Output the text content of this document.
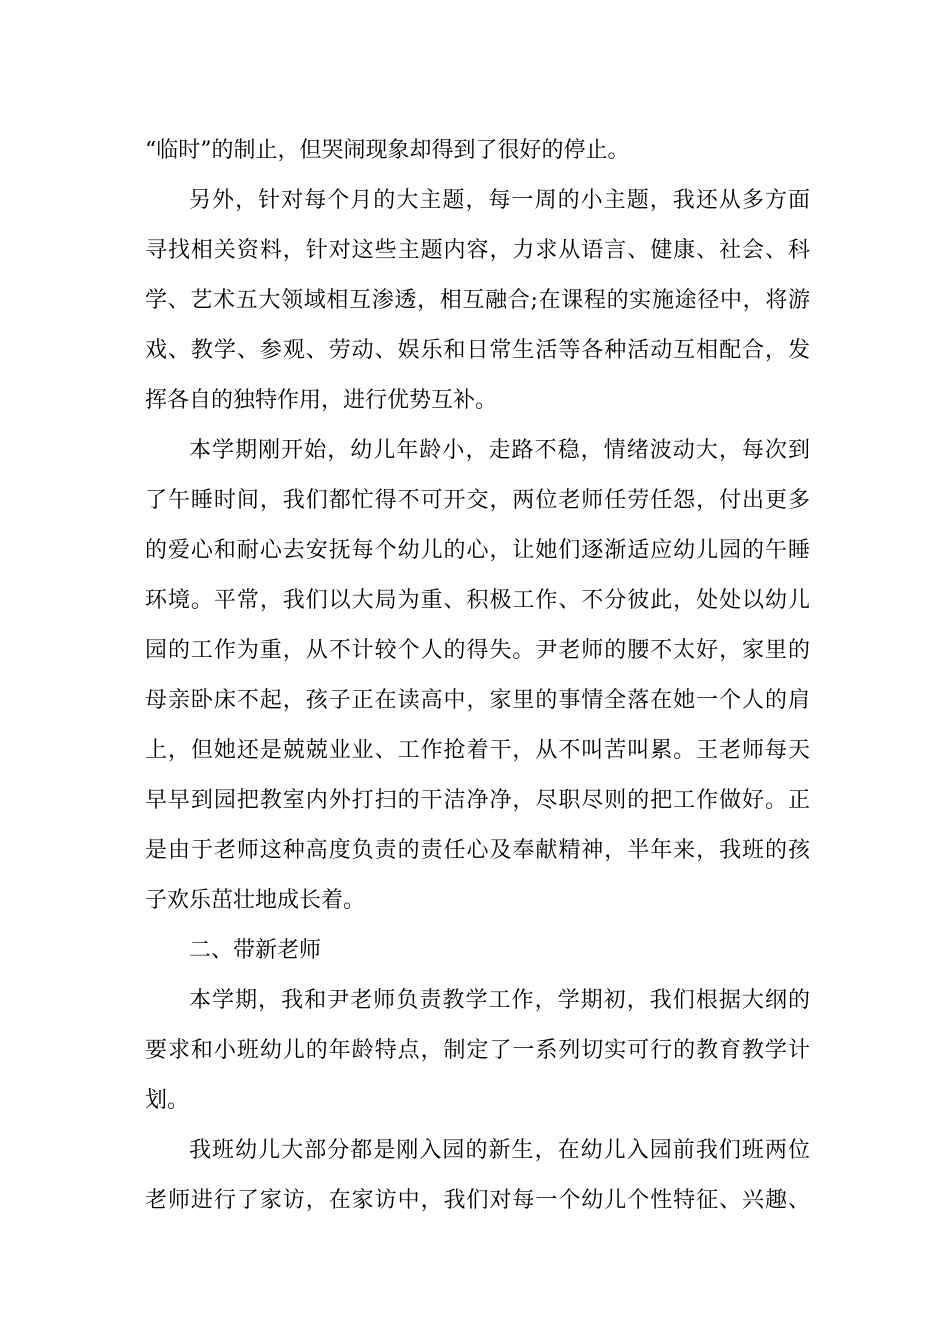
“临时”的制止，但哭闹现象却得到了很好的停止。
另外，针对每个月的大主题，每一周的小主题，我还从多方面
寻找相关资料，针对这些主题内容，力求从语言、健康、社会、科
学、艺术五大领域相互渗透，相互融合;在课程的实施途径中，将游
戏、教学、参观、劳动、娱乐和日常生活等各种活动互相配合，发
挥各自的独特作用，进行优势互补。
本学期刚开始，幼儿年龄小，走路不稳，情绪波动大，每次到
了午睡时间，我们都忙得不可开交，两位老师任劳任怨，付出更多
的爱心和耐心去安抚每个幼儿的心，让她们逐渐适应幼儿园的午睡
环境。平常，我们以大局为重、积极工作、不分彼此，处处以幼儿
园的工作为重，从不计较个人的得失。尹老师的腰不太好，家里的
母亲卧床不起，孩子正在读高中，家里的事情全落在她一个人的肩
上，但她还是兢兢业业、工作抢着干，从不叫苦叫累。王老师每天
早早到园把教室内外打扫的干洁净净，尽职尽则的把工作做好。正
是由于老师这种高度负责的责任心及奉献精神，半年来，我班的孩
子欢乐茁壮地成长着。
二、带新老师
本学期，我和尹老师负责教学工作，学期初，我们根据大纲的
要求和小班幼儿的年龄特点，制定了一系列切实可行的教育教学计
划。
我班幼儿大部分都是刚入园的新生，在幼儿入园前我们班两位
老师进行了家访，在家访中，我们对每一个幼儿个性特征、兴趣、
